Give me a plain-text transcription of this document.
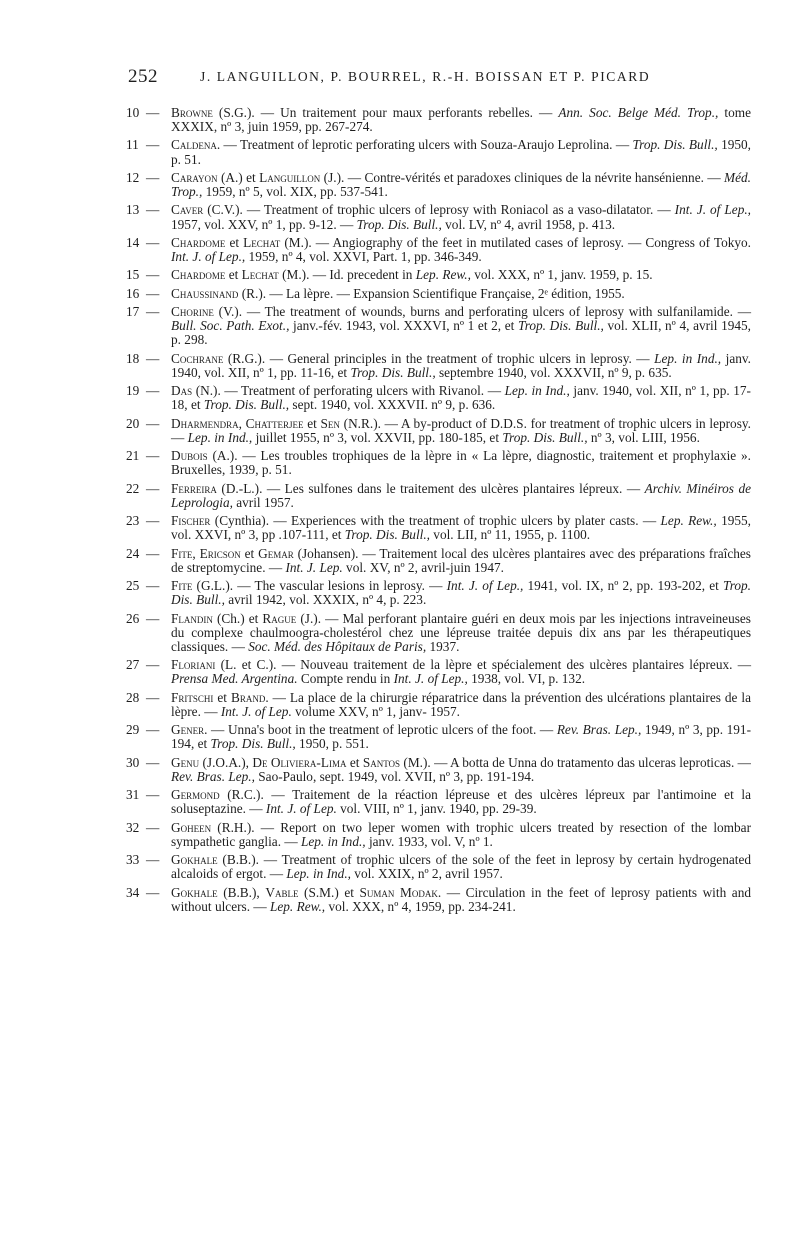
252	J. LANGUILLON, P. BOURREL, R.-H. BOISSAN ET P. PICARD
10 — Browne (S.G.). — Un traitement pour maux perforants rebelles. — Ann. Soc. Belge Méd. Trop., tome XXXIX, nº 3, juin 1959, pp. 267-274.
11 — Caldena. — Treatment of leprotic perforating ulcers with Souza-Araujo Leprolina. — Trop. Dis. Bull., 1950, p. 51.
12 — Carayon (A.) et Languillon (J.). — Contre-vérités et paradoxes cliniques de la névrite hansénienne. — Méd. Trop., 1959, nº 5, vol. XIX, pp. 537-541.
13 — Caver (C.V.). — Treatment of trophic ulcers of leprosy with Roniacol as a vaso-dilatator. — Int. J. of Lep., 1957, vol. XXV, nº 1, pp. 9-12. — Trop. Dis. Bull., vol. LV, nº 4, avril 1958, p. 413.
14 — Chardome et Lechat (M.). — Angiography of the feet in mutilated cases of leprosy. — Congress of Tokyo. Int. J. of Lep., 1959, nº 4, vol. XXVI, Part. 1, pp. 346-349.
15 — Chardome et Lechat (M.). — Id. precedent in Lep. Rew., vol. XXX, nº 1, janv. 1959, p. 15.
16 — Chaussinand (R.). — La lèpre. — Expansion Scientifique Française, 2ᵉ édition, 1955.
17 — Chorine (V.). — The treatment of wounds, burns and perforating ulcers of leprosy with sulfanilamide. — Bull. Soc. Path. Exot., janv.-fév. 1943, vol. XXXVI, nº 1 et 2, et Trop. Dis. Bull., vol. XLII, nº 4, avril 1945, p. 298.
18 — Cochrane (R.G.). — General principles in the treatment of trophic ulcers in leprosy. — Lep. in Ind., janv. 1940, vol. XII, nº 1, pp. 11-16, et Trop. Dis. Bull., septembre 1940, vol. XXXVII, nº 9, p. 635.
19 — Das (N.). — Treatment of perforating ulcers with Rivanol. — Lep. in Ind., janv. 1940, vol. XII, nº 1, pp. 17-18, et Trop. Dis. Bull., sept. 1940, vol. XXXVII. nº 9, p. 636.
20 — Dharmendra, Chatterjee et Sen (N.R.). — A by-product of D.D.S. for treatment of trophic ulcers in leprosy. — Lep. in Ind., juillet 1955, nº 3, vol. XXVII, pp. 180-185, et Trop. Dis. Bull., nº 3, vol. LIII, 1956.
21 — Dubois (A.). — Les troubles trophiques de la lèpre in « La lèpre, diagnostic, traitement et prophylaxie ». Bruxelles, 1939, p. 51.
22 — Ferreira (D.-L.). — Les sulfones dans le traitement des ulcères plantaires lépreux. — Archiv. Minéiros de Leprologia, avril 1957.
23 — Fischer (Cynthia). — Experiences with the treatment of trophic ulcers by plater casts. — Lep. Rew., 1955, vol. XXVI, nº 3, pp .107-111, et Trop. Dis. Bull., vol. LII, nº 11, 1955, p. 1100.
24 — Fite, Ericson et Gemar (Johansen). — Traitement local des ulcères plantaires avec des préparations fraîches de streptomycine. — Int. J. Lep. vol. XV, nº 2, avril-juin 1947.
25 — Fite (G.L.). — The vascular lesions in leprosy. — Int. J. of Lep., 1941, vol. IX, nº 2, pp. 193-202, et Trop. Dis. Bull., avril 1942, vol. XXXIX, nº 4, p. 223.
26 — Flandin (Ch.) et Rague (J.). — Mal perforant plantaire guéri en deux mois par les injections intraveineuses du complexe chaulmoogra-cholestérol chez une lépreuse traitée depuis dix ans par les thérapeutiques classiques. — Soc. Méd. des Hôpitaux de Paris, 1937.
27 — Floriani (L. et C.). — Nouveau traitement de la lèpre et spécialement des ulcères plantaires lépreux. — Prensa Med. Argentina. Compte rendu in Int. J. of Lep., 1938, vol. VI, p. 132.
28 — Fritschi et Brand. — La place de la chirurgie réparatrice dans la prévention des ulcérations plantaires de la lèpre. — Int. J. of Lep. volume XXV, nº 1, janv- 1957.
29 — Gener. — Unna's boot in the treatment of leprotic ulcers of the foot. — Rev. Bras. Lep., 1949, nº 3, pp. 191-194, et Trop. Dis. Bull., 1950, p. 551.
30 — Genu (J.O.A.), De Oliviera-Lima et Santos (M.). — A botta de Unna do tratamento das ulceras leproticas. — Rev. Bras. Lep., Sao-Paulo, sept. 1949, vol. XVII, nº 3, pp. 191-194.
31 — Germond (R.C.). — Traitement de la réaction lépreuse et des ulcères lépreux par l'antimoine et la soluseptazine. — Int. J. of Lep. vol. VIII, nº 1, janv. 1940, pp. 29-39.
32 — Goheen (R.H.). — Report on two leper women with trophic ulcers treated by resection of the lombar sympathetic ganglia. — Lep. in Ind., janv. 1933, vol. V, nº 1.
33 — Gokhale (B.B.). — Treatment of trophic ulcers of the sole of the feet in leprosy by certain hydrogenated alcaloids of ergot. — Lep. in Ind., vol. XXIX, nº 2, avril 1957.
34 — Gokhale (B.B.), Vable (S.M.) et Suman Modak. — Circulation in the feet of leprosy patients with and without ulcers. — Lep. Rew., vol. XXX, nº 4, 1959, pp. 234-241.
